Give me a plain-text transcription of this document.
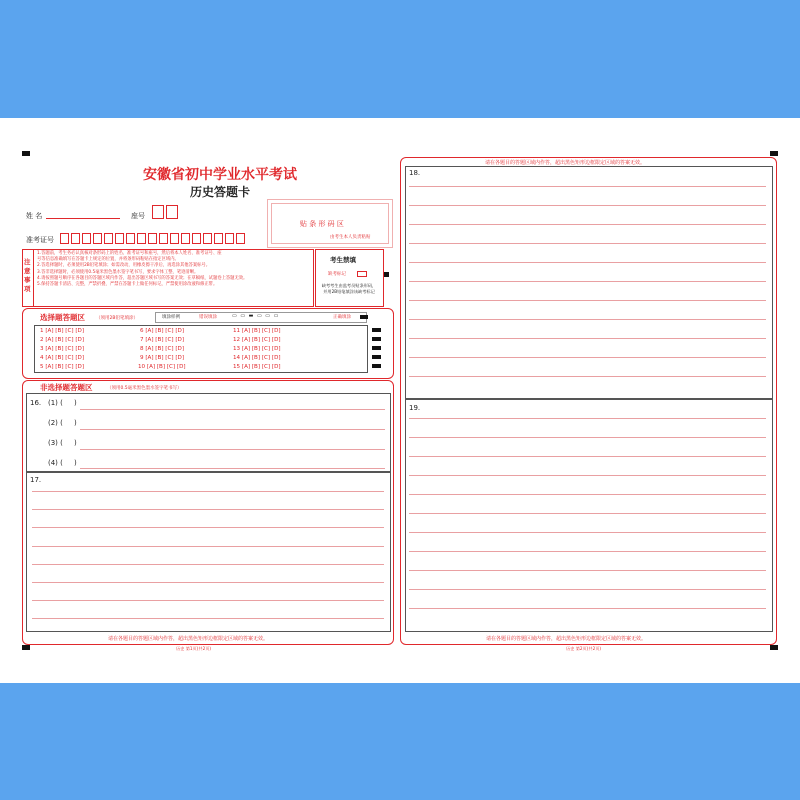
安徽省初中学业水平考试
历史答题卡
姓 名	座号
准考证号
贴 条 形 码 区
由考生本人负责粘贴
注意事项
1.答题前，考生务必认真核对条形码上的姓名、准考证号和座号，然后将本人姓名、准考证号、座
号等信息准确填写在答题卡上规定的位置，并将条形码粘贴在指定区域内。
2.答选择题时，必须使用2B铅笔填涂；如需改动，用橡皮擦干净后，再选涂其他答案标号。
3.答非选择题时，必须使用0.5毫米黑色墨水签字笔书写，要求字体工整、笔迹清晰。
4.请按照题号顺序在各题目的答题区域内作答，超出答题区域书写的答案无效；在草稿纸、试题卷上答题无效。
5.保持答题卡清洁、完整，严禁折叠、严禁在答题卡上做任何标记，严禁使用涂改液和修正带。
考生禁填
缺考标记
缺考考生由监考员贴条形码，并用2B铅笔填涂该缺考标记
选择题答题区 （须用2B铅笔填涂）	填涂样例	错误填涂	▭ ▭ ▬ ▭ ▭ ▭	正确填涂
1 [A] [B] [C] [D]
2 [A] [B] [C] [D]
3 [A] [B] [C] [D]
4 [A] [B] [C] [D]
5 [A] [B] [C] [D]
6 [A] [B] [C] [D]
7 [A] [B] [C] [D]
8 [A] [B] [C] [D]
9 [A] [B] [C] [D]
10 [A] [B] [C] [D]
11 [A] [B] [C] [D]
12 [A] [B] [C] [D]
13 [A] [B] [C] [D]
14 [A] [B] [C] [D]
15 [A] [B] [C] [D]
非选择题答题区	（须用0.5毫米黑色墨水签字笔书写）
16. (1) ( )
(2) ( )
(3) ( )
(4) ( )
17.
请在各题目的答题区域内作答，超出黑色矩形边框限定区域的答案无效。
历史 第1页(共2页)
请在各题目的答题区域内作答，超出黑色矩形边框限定区域的答案无效。
18.
19.
请在各题目的答题区域内作答，超出黑色矩形边框限定区域的答案无效。
历史 第2页(共2页)
